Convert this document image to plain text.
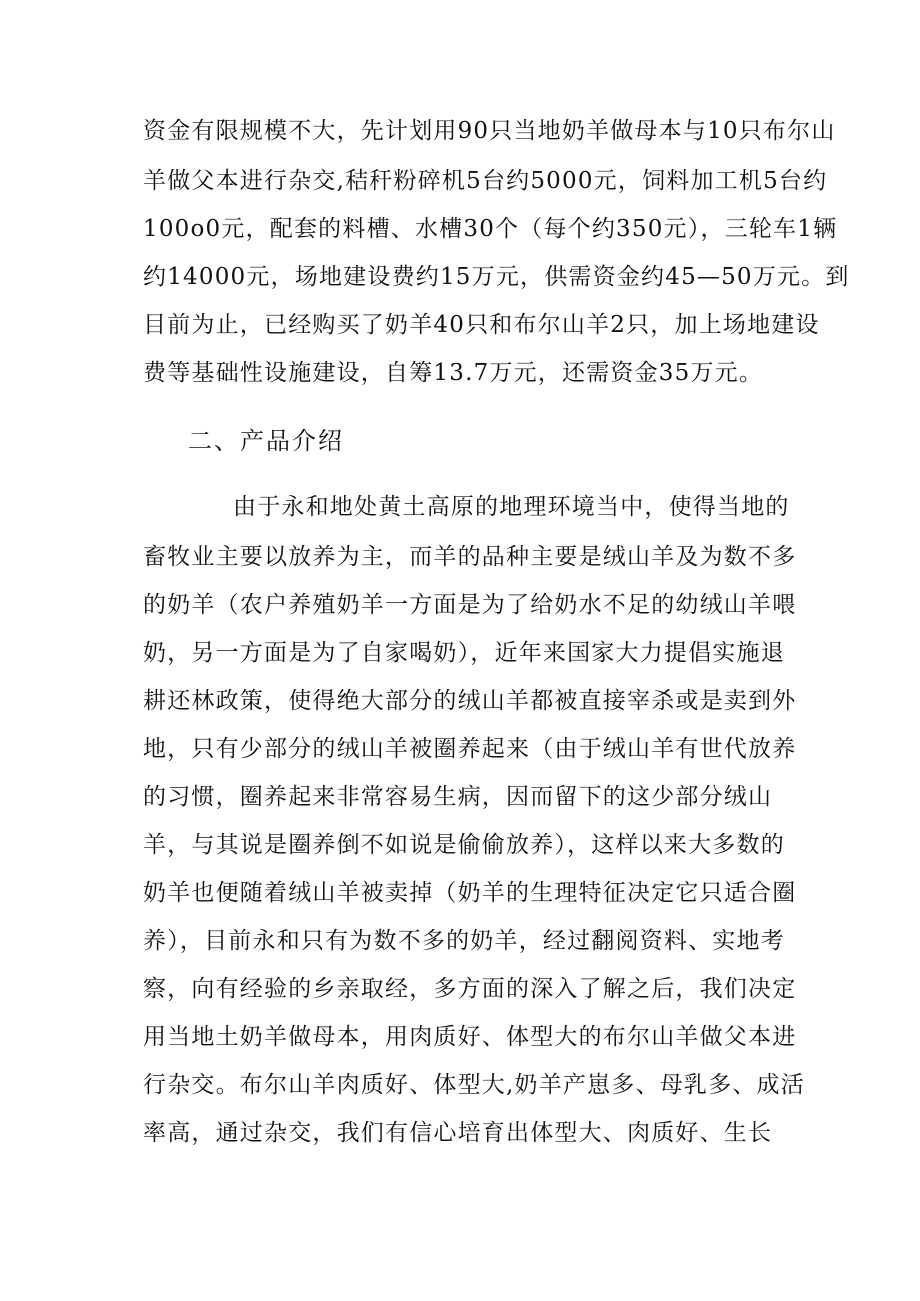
资金有限规模不大，先计划用90只当地奶羊做母本与10只布尔山
羊做父本进行杂交,秸秆粉碎机5台约5000元，饲料加工机5台约
100o0元，配套的料槽、水槽30个（每个约350元），三轮车1辆
约14000元，场地建设费约15万元，供需资金约45—50万元。到
目前为止，已经购买了奶羊40只和布尔山羊2只，加上场地建设
费等基础性设施建设，自筹13.7万元，还需资金35万元。
二、产品介绍
由于永和地处黄土高原的地理环境当中，使得当地的
畜牧业主要以放养为主，而羊的品种主要是绒山羊及为数不多
的奶羊（农户养殖奶羊一方面是为了给奶水不足的幼绒山羊喂
奶，另一方面是为了自家喝奶），近年来国家大力提倡实施退
耕还林政策，使得绝大部分的绒山羊都被直接宰杀或是卖到外
地，只有少部分的绒山羊被圈养起来（由于绒山羊有世代放养
的习惯，圈养起来非常容易生病，因而留下的这少部分绒山
羊，与其说是圈养倒不如说是偷偷放养），这样以来大多数的
奶羊也便随着绒山羊被卖掉（奶羊的生理特征决定它只适合圈
养），目前永和只有为数不多的奶羊，经过翻阅资料、实地考
察，向有经验的乡亲取经，多方面的深入了解之后，我们决定
用当地土奶羊做母本，用肉质好、体型大的布尔山羊做父本进
行杂交。布尔山羊肉质好、体型大,奶羊产崽多、母乳多、成活
率高，通过杂交，我们有信心培育出体型大、肉质好、生长
